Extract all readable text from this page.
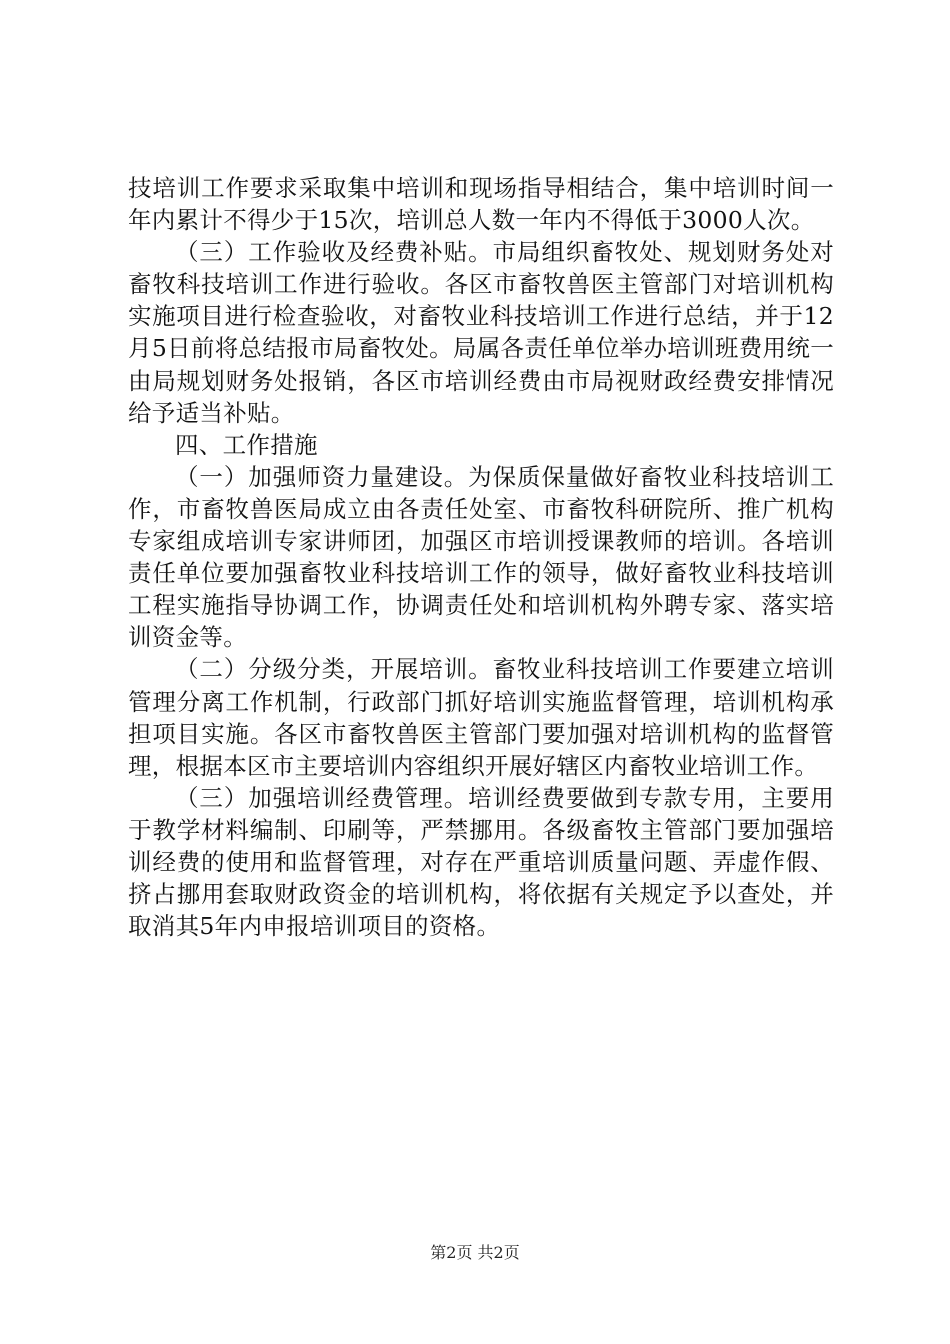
技培训工作要求采取集中培训和现场指导相结合，集中培训时间一年内累计不得少于15次，培训总人数一年内不得低于3000人次。

（三）工作验收及经费补贴。市局组织畜牧处、规划财务处对畜牧科技培训工作进行验收。各区市畜牧兽医主管部门对培训机构实施项目进行检查验收，对畜牧业科技培训工作进行总结，并于12月5日前将总结报市局畜牧处。局属各责任单位举办培训班费用统一由局规划财务处报销，各区市培训经费由市局视财政经费安排情况给予适当补贴。

四、工作措施

（一）加强师资力量建设。为保质保量做好畜牧业科技培训工作，市畜牧兽医局成立由各责任处室、市畜牧科研院所、推广机构专家组成培训专家讲师团，加强区市培训授课教师的培训。各培训责任单位要加强畜牧业科技培训工作的领导，做好畜牧业科技培训工程实施指导协调工作，协调责任处和培训机构外聘专家、落实培训资金等。

（二）分级分类，开展培训。畜牧业科技培训工作要建立培训管理分离工作机制，行政部门抓好培训实施监督管理，培训机构承担项目实施。各区市畜牧兽医主管部门要加强对培训机构的监督管理，根据本区市主要培训内容组织开展好辖区内畜牧业培训工作。

（三）加强培训经费管理。培训经费要做到专款专用，主要用于教学材料编制、印刷等，严禁挪用。各级畜牧主管部门要加强培训经费的使用和监督管理，对存在严重培训质量问题、弄虚作假、挤占挪用套取财政资金的培训机构，将依据有关规定予以查处，并取消其5年内申报培训项目的资格。

第2页 共2页
